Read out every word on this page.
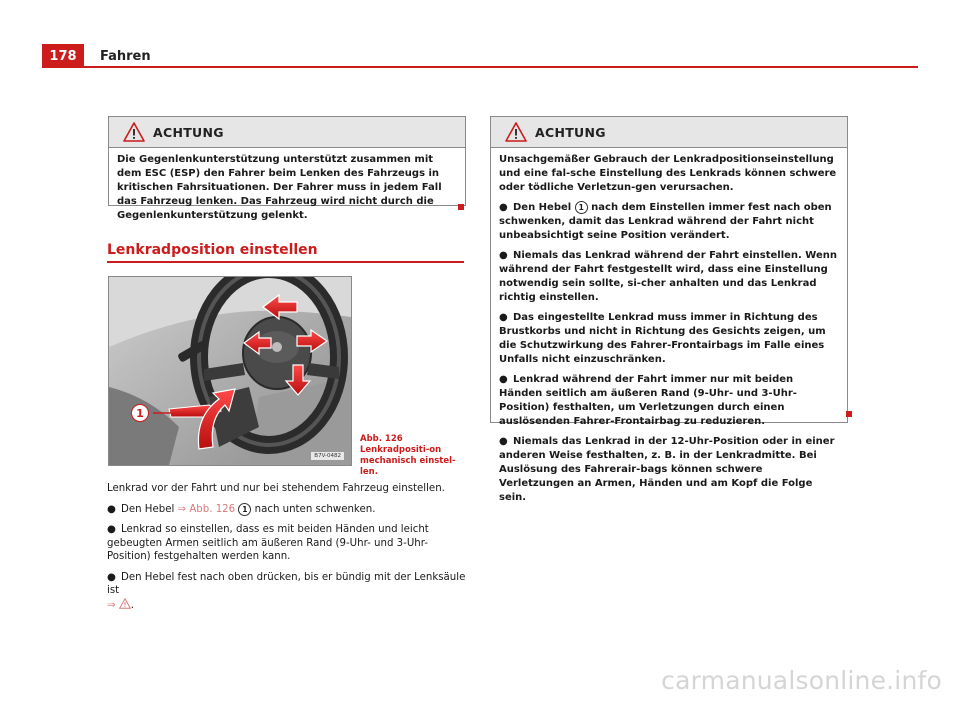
178	Fahren
ACHTUNG

Die Gegenlenkunterstützung unterstützt zusammen mit dem ESC (ESP) den Fahrer beim Lenken des Fahrzeugs in kritischen Fahrsituationen. Der Fahrer muss in jedem Fall das Fahrzeug lenken. Das Fahrzeug wird nicht durch die Gegenlenkunterstützung gelenkt.

Lenkradposition einstellen
1
B7V-0482
Abb. 126 Lenkradpositi-on mechanisch einstel-len.

Lenkrad vor der Fahrt und nur bei stehendem Fahrzeug einstellen.

● Den Hebel ⇒ Abb. 126 1 nach unten schwenken.

● Lenkrad so einstellen, dass es mit beiden Händen und leicht gebeugten Armen seitlich am äußeren Rand (9-Uhr- und 3-Uhr-Position) festgehalten werden kann.

● Den Hebel fest nach oben drücken, bis er bündig mit der Lenksäule ist
⇒ .

ACHTUNG

Unsachgemäßer Gebrauch der Lenkradpositionseinstellung und eine fal-sche Einstellung des Lenkrads können schwere oder tödliche Verletzun-gen verursachen.

● Den Hebel 1 nach dem Einstellen immer fest nach oben schwenken, damit das Lenkrad während der Fahrt nicht unbeabsichtigt seine Position verändert.

● Niemals das Lenkrad während der Fahrt einstellen. Wenn während der Fahrt festgestellt wird, dass eine Einstellung notwendig sein sollte, si-cher anhalten und das Lenkrad richtig einstellen.

● Das eingestellte Lenkrad muss immer in Richtung des Brustkorbs und nicht in Richtung des Gesichts zeigen, um die Schutzwirkung des Fahrer-Frontairbags im Falle eines Unfalls nicht einzuschränken.

● Lenkrad während der Fahrt immer nur mit beiden Händen seitlich am äußeren Rand (9-Uhr- und 3-Uhr-Position) festhalten, um Verletzungen durch einen auslösenden Fahrer-Frontairbag zu reduzieren.

● Niemals das Lenkrad in der 12-Uhr-Position oder in einer anderen Weise festhalten, z. B. in der Lenkradmitte. Bei Auslösung des Fahrerair-bags können schwere Verletzungen an Armen, Händen und am Kopf die Folge sein.

carmanualsonline.info
